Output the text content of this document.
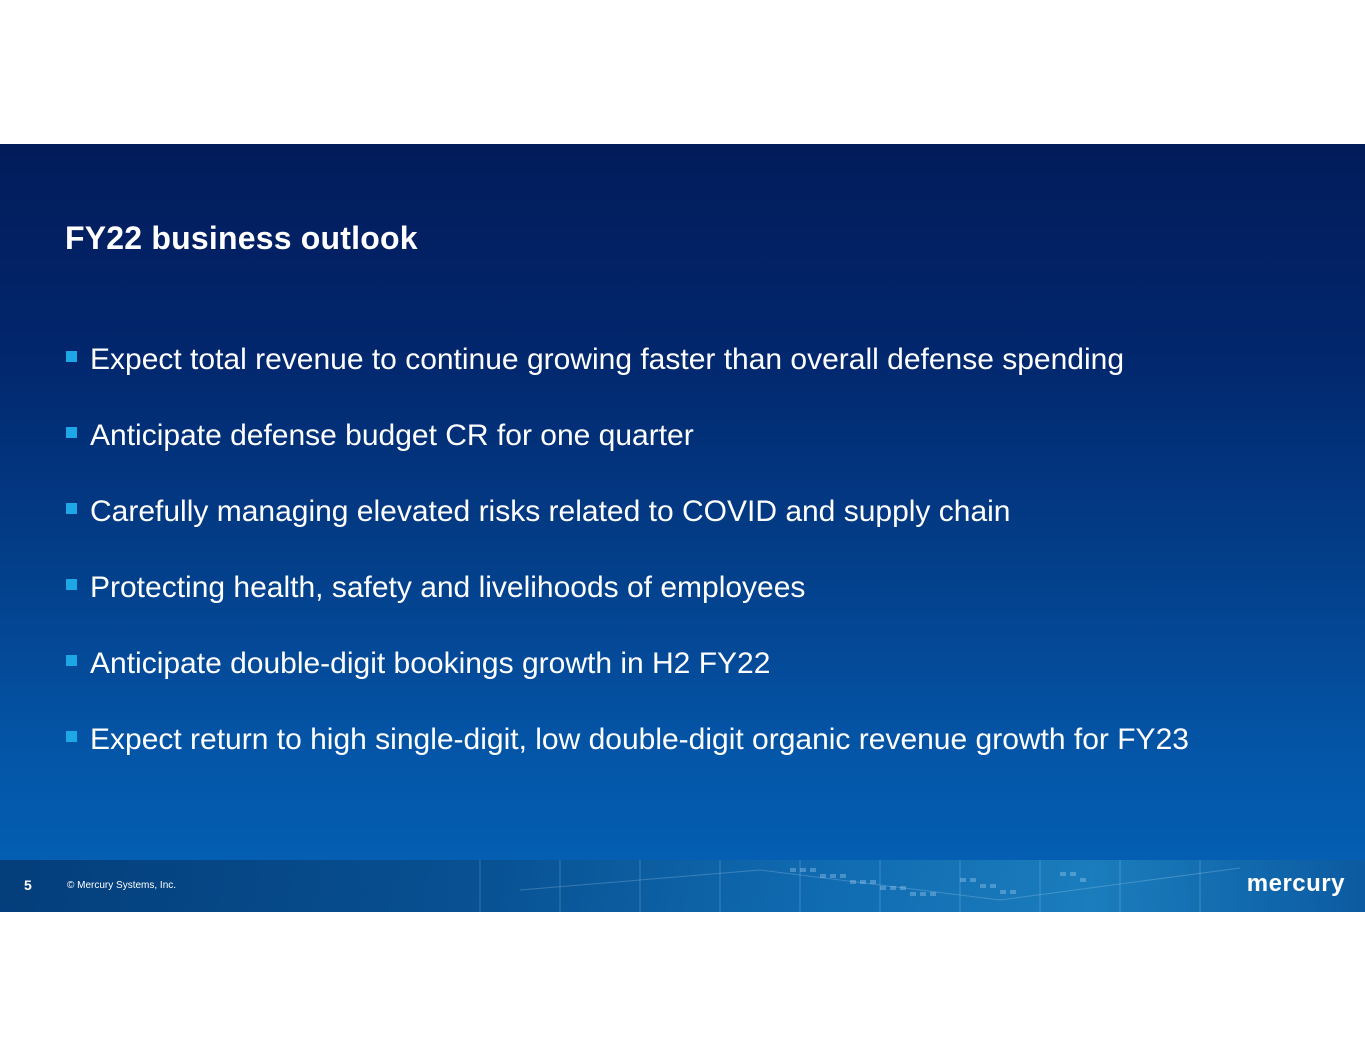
FY22 business outlook
Expect total revenue to continue growing faster than overall defense spending
Anticipate defense budget CR for one quarter
Carefully managing elevated risks related to COVID and supply chain
Protecting health, safety and livelihoods of employees
Anticipate double-digit bookings growth in H2 FY22
Expect return to high single-digit, low double-digit organic revenue growth for FY23
5	© Mercury Systems, Inc.	mercury
